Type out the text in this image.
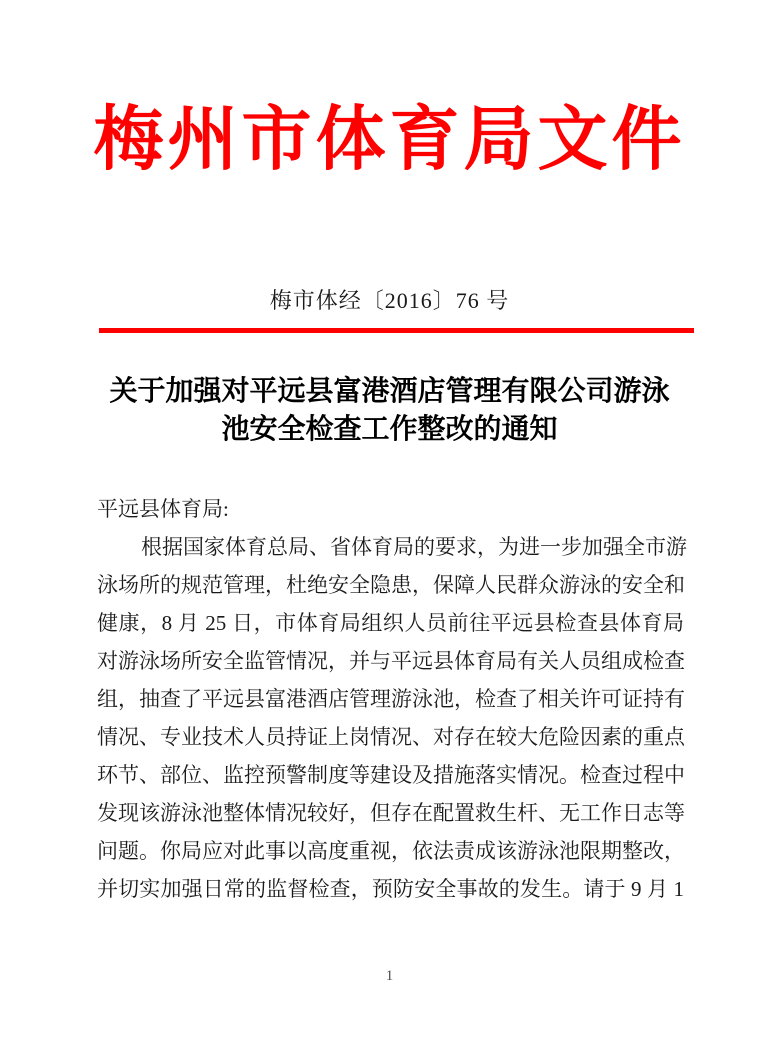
梅州市体育局文件
梅市体经〔2016〕76 号
关于加强对平远县富港酒店管理有限公司游泳
池安全检查工作整改的通知
平远县体育局:
根据国家体育总局、省体育局的要求，为进一步加强全市游
泳场所的规范管理，杜绝安全隐患，保障人民群众游泳的安全和
健康，8 月 25 日，市体育局组织人员前往平远县检查县体育局
对游泳场所安全监管情况，并与平远县体育局有关人员组成检查
组，抽查了平远县富港酒店管理游泳池，检查了相关许可证持有
情况、专业技术人员持证上岗情况、对存在较大危险因素的重点
环节、部位、监控预警制度等建设及措施落实情况。检查过程中
发现该游泳池整体情况较好，但存在配置救生杆、无工作日志等
问题。你局应对此事以高度重视，依法责成该游泳池限期整改，
并切实加强日常的监督检查，预防安全事故的发生。请于 9 月 1
1
